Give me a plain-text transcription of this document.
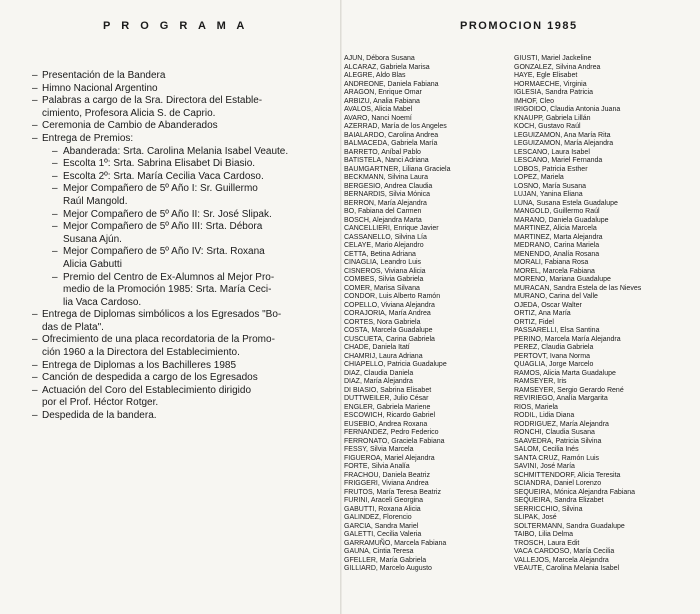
P R O G R A M A
– Presentación de la Bandera
– Himno Nacional Argentino
– Palabras a cargo de la Sra. Directora del Estable-
cimiento, Profesora Alicia S. de Caprio.
– Ceremonia de Cambio de Abanderados
– Entrega de Premios:
– Abanderada: Srta. Carolina Melania Isabel Veaute.
– Escolta 1º: Srta. Sabrina Elisabet Di Biasio.
– Escolta 2º: Srta. María Cecilia Vaca Cardoso.
– Mejor Compañero de 5º Año I: Sr. Guillermo
Raúl Mangold.
– Mejor Compañero de 5º Año II: Sr. José Slipak.
– Mejor Compañero de 5º Año III: Srta. Débora
Susana Ajún.
– Mejor Compañero de 5º Año IV: Srta. Roxana
Alicia Gabutti
– Premio del Centro de Ex-Alumnos al Mejor Pro-
medio de la Promoción 1985: Srta. María Ceci-
lia Vaca Cardoso.
– Entrega de Diplomas simbólicos a los Egresados "Bo-
das de Plata".
– Ofrecimiento de una placa recordatoria de la Promo-
ción 1960 a la Directora del Establecimiento.
– Entrega de Diplomas a los Bachilleres 1985
– Canción de despedida a cargo de los Egresados
– Actuación del Coro del Establecimiento dirigido
por el Prof. Héctor Rotger.
– Despedida de la bandera.
PROMOCION 1985
AJUN, Débora Susana
ALCARAZ, Gabriela Marisa
ALEGRE, Aldo Blas
ANDREONE, Daniela Fabiana
ARAGON, Enrique Omar
ARBIZU, Analia Fabiana
AVALOS, Alicia Mabel
AVARO, Nanci Noemí
AZERRAD, María de los Angeles
BAIALARDO, Carolina Andrea
BALMACEDA, Gabriela María
BARRETO, Aníbal Pablo
BATISTELA, Nanci Adriana
BAUMGARTNER, Liliana Graciela
BECKMANN, Silvina Laura
BERGESIO, Andrea Claudia
BERNARDIS, Silvia Mónica
BERRON, María Alejandra
BO, Fabiana del Carmen
BOSCH, Alejandra Marta
CANCELLIERI, Enrique Javier
CASSANELLO, Silvina Lía
CELAYE, Mario Alejandro
CETTA, Betina Adriana
CINAGLIA, Leandro Luis
CISNEROS, Viviana Alicia
COMBES, Silvia Gabriela
COMER, Marisa Silvana
CONDOR, Luis Alberto Ramón
COPELLO, Viviana Alejandra
CORAJORIA, María Andrea
CORTES, Nora Gabriela
COSTA, Marcela Guadalupe
CUSCUETA, Carina Gabriela
CHADE, Daniela Itatí
CHAMRIJ, Laura Adriana
CHIAPELLO, Patricia Guadalupe
DIAZ, Claudia Daniela
DIAZ, María Alejandra
DI BIASIO, Sabrina Elisabet
DUTTWEILER, Julio César
ENGLER, Gabriela Mariene
ESCOWICH, Ricardo Gabriel
EUSEBIO, Andrea Roxana
FERNANDEZ, Pedro Federico
FERRONATO, Graciela Fabiana
FESSY, Silvia Marcela
FIGUEROA, Mariel Alejandra
FORTE, Silvia Analía
FRACHOU, Daniela Beatriz
FRIGGERI, Viviana Andrea
FRUTOS, María Teresa Beatriz
FURINI, Araceli Georgina
GABUTTI, Roxana Alicia
GALINDEZ, Florencio
GARCIA, Sandra Mariel
GALETTI, Cecilia Valeria
GARRAMUÑO, Marcela Fabiana
GAUNA, Cintia Teresa
GFELLER, María Gabriela
GILLIARD, Marcelo Augusto
GIUSTI, Mariel Jackeline
GONZALEZ, Silvina Andrea
HAYE, Egle Elisabet
HORMAECHE, Virginia
IGLESIA, Sandra Patricia
IMHOF, Cleo
IRIGOIDO, Claudia Antonia Juana
KNAUPP, Gabriela Lillán
KOCH, Gustavo Raúl
LEGUIZAMON, Ana María Rita
LEGUIZAMON, María Alejandra
LESCANO, Laura Isabel
LESCANO, Mariel Fernanda
LOBOS, Patricia Esther
LOPEZ, Mariela
LOSNO, María Susana
LUJAN, Yanina Eliana
LUNA, Susana Estela Guadalupe
MANGOLD, Guillermo Raúl
MARANO, Daniela Guadalupe
MARTINEZ, Alicia Marcela
MARTINEZ, Marta Alejandra
MEDRANO, Carina Mariela
MENENDO, Analía Rosana
MORALI, Fabiana Rosa
MOREL, Marcela Fabiana
MORENO, Mariana Guadalupe
MURACAN, Sandra Estela de las Nieves
MURANO, Carina del Valle
OJEDA, Oscar Walter
ORTIZ, Ana María
ORTIZ, Fidel
PASSARELLI, Elsa Santina
PERINO, Marcela María Alejandra
PEREZ, Claudia Gabriela
PERTOVT, Ivana Norma
QUAGLIA, Jorge Marcelo
RAMOS, Alicia Marta Guadalupe
RAMSEYER, Iris
RAMSEYER, Sergio Gerardo René
REVIRIEGO, Analía Margarita
RIOS, Mariela
RODIL, Lidia Diana
RODRIGUEZ, María Alejandra
RONCHI, Claudia Susana
SAAVEDRA, Patricia Silvina
SALOM, Cecilia Inés
SANTA CRUZ, Ramón Luis
SAVINI, José María
SCHMITTENDORF, Alicia Teresita
SCIANDRA, Daniel Lorenzo
SEQUEIRA, Mónica Alejandra Fabiana
SEQUEIRA, Sandra Elizabet
SERRICCHIO, Silvina
SLIPAK, José
SOLTERMANN, Sandra Guadalupe
TAIBO, Lilia Delma
TROSCH, Laura Edit
VACA CARDOSO, María Cecilia
VALLEJOS, Marcela Alejandra
VEAUTE, Carolina Melania Isabel
